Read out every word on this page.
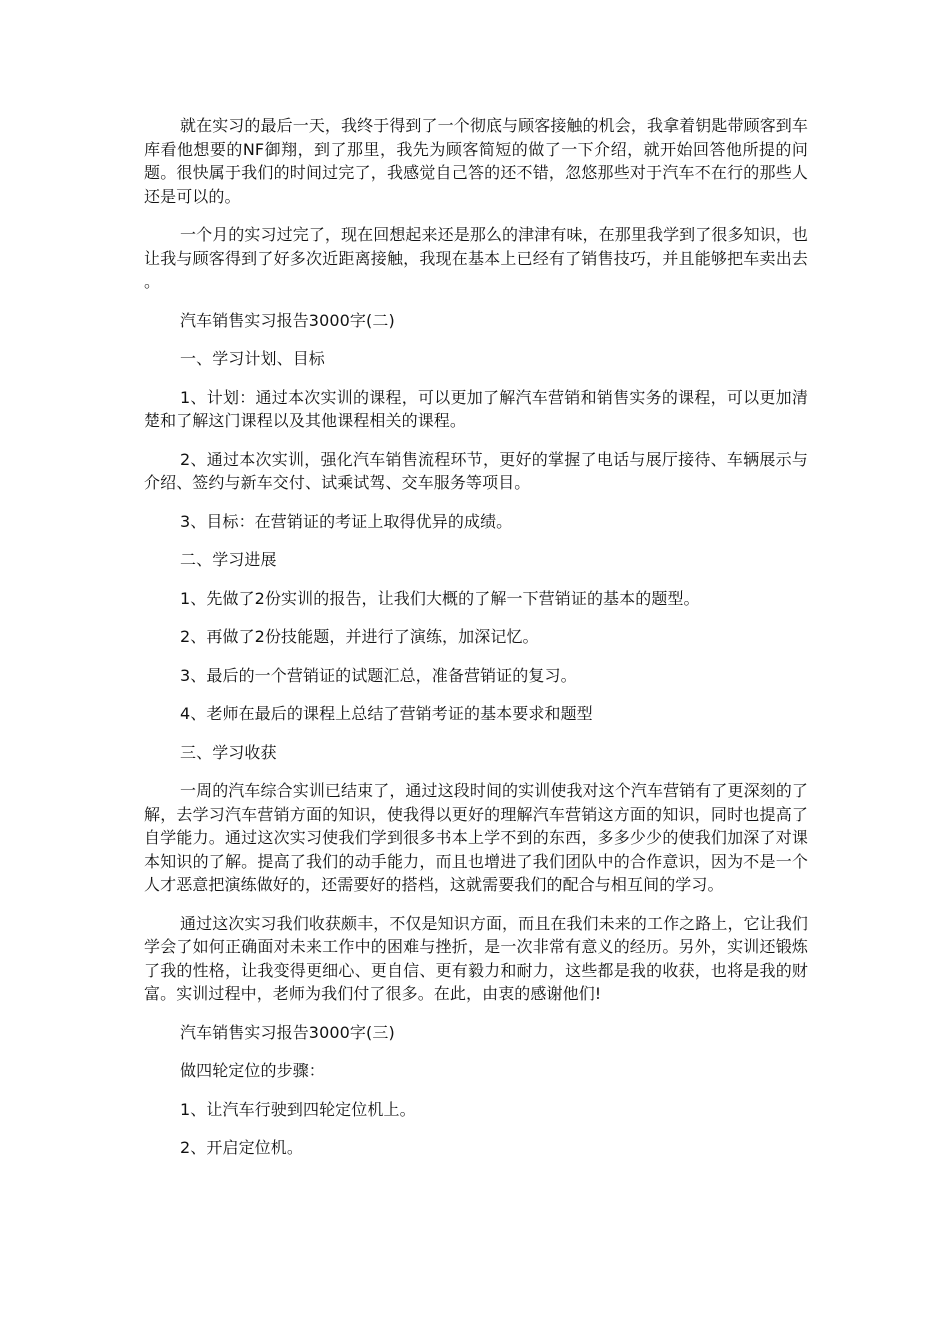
就在实习的最后一天，我终于得到了一个彻底与顾客接触的机会，我拿着钥匙带顾客到车库看他想要的NF御翔，到了那里，我先为顾客简短的做了一下介绍，就开始回答他所提的问题。很快属于我们的时间过完了，我感觉自己答的还不错，忽悠那些对于汽车不在行的那些人还是可以的。

一个月的实习过完了，现在回想起来还是那么的津津有味，在那里我学到了很多知识，也让我与顾客得到了好多次近距离接触，我现在基本上已经有了销售技巧，并且能够把车卖出去。

汽车销售实习报告3000字(二)

一、学习计划、目标

1、计划：通过本次实训的课程，可以更加了解汽车营销和销售实务的课程，可以更加清楚和了解这门课程以及其他课程相关的课程。

2、通过本次实训，强化汽车销售流程环节，更好的掌握了电话与展厅接待、车辆展示与介绍、签约与新车交付、试乘试驾、交车服务等项目。

3、目标：在营销证的考证上取得优异的成绩。

二、学习进展

1、先做了2份实训的报告，让我们大概的了解一下营销证的基本的题型。

2、再做了2份技能题，并进行了演练，加深记忆。

3、最后的一个营销证的试题汇总，准备营销证的复习。

4、老师在最后的课程上总结了营销考证的基本要求和题型

三、学习收获

一周的汽车综合实训已结束了，通过这段时间的实训使我对这个汽车营销有了更深刻的了解，去学习汽车营销方面的知识，使我得以更好的理解汽车营销这方面的知识，同时也提高了自学能力。通过这次实习使我们学到很多书本上学不到的东西，多多少少的使我们加深了对课本知识的了解。提高了我们的动手能力，而且也增进了我们团队中的合作意识，因为不是一个人才恶意把演练做好的，还需要好的搭档，这就需要我们的配合与相互间的学习。

通过这次实习我们收获颇丰，不仅是知识方面，而且在我们未来的工作之路上，它让我们学会了如何正确面对未来工作中的困难与挫折，是一次非常有意义的经历。另外，实训还锻炼了我的性格，让我变得更细心、更自信、更有毅力和耐力，这些都是我的收获，也将是我的财富。实训过程中，老师为我们付了很多。在此，由衷的感谢他们!

汽车销售实习报告3000字(三)

做四轮定位的步骤：

1、让汽车行驶到四轮定位机上。

2、开启定位机。
